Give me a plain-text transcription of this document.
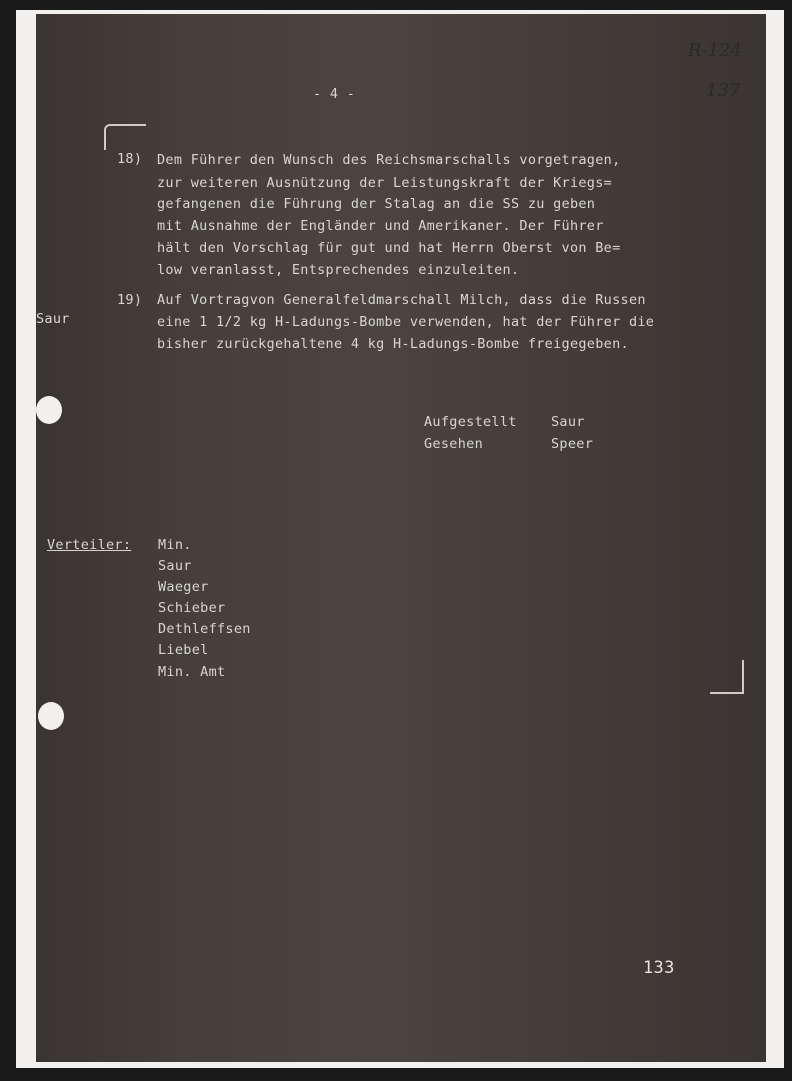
- 4 -
R-124
137
18) Dem Führer den Wunsch des Reichsmarschalls vorgetragen,
zur weiteren Ausnützung der Leistungskraft der Kriegs=
gefangenen die Führung der Stalag an die SS zu geben
mit Ausnahme der Engländer und Amerikaner. Der Führer
hält den Vorschlag für gut und hat Herrn Oberst von Be=
low veranlasst, Entsprechendes einzuleiten.
19)
Saur
Auf Vortragvon Generalfeldmarschall Milch, dass die Russen
eine 1 1/2 kg H-Ladungs-Bombe verwenden, hat der Führer die
bisher zurückgehaltene 4 kg H-Ladungs-Bombe freigegeben.
Aufgestellt	Saur
Gesehen	Speer
Verteiler: Min.
Saur
Waeger
Schieber
Dethleffsen
Liebel
Min. Amt
133
